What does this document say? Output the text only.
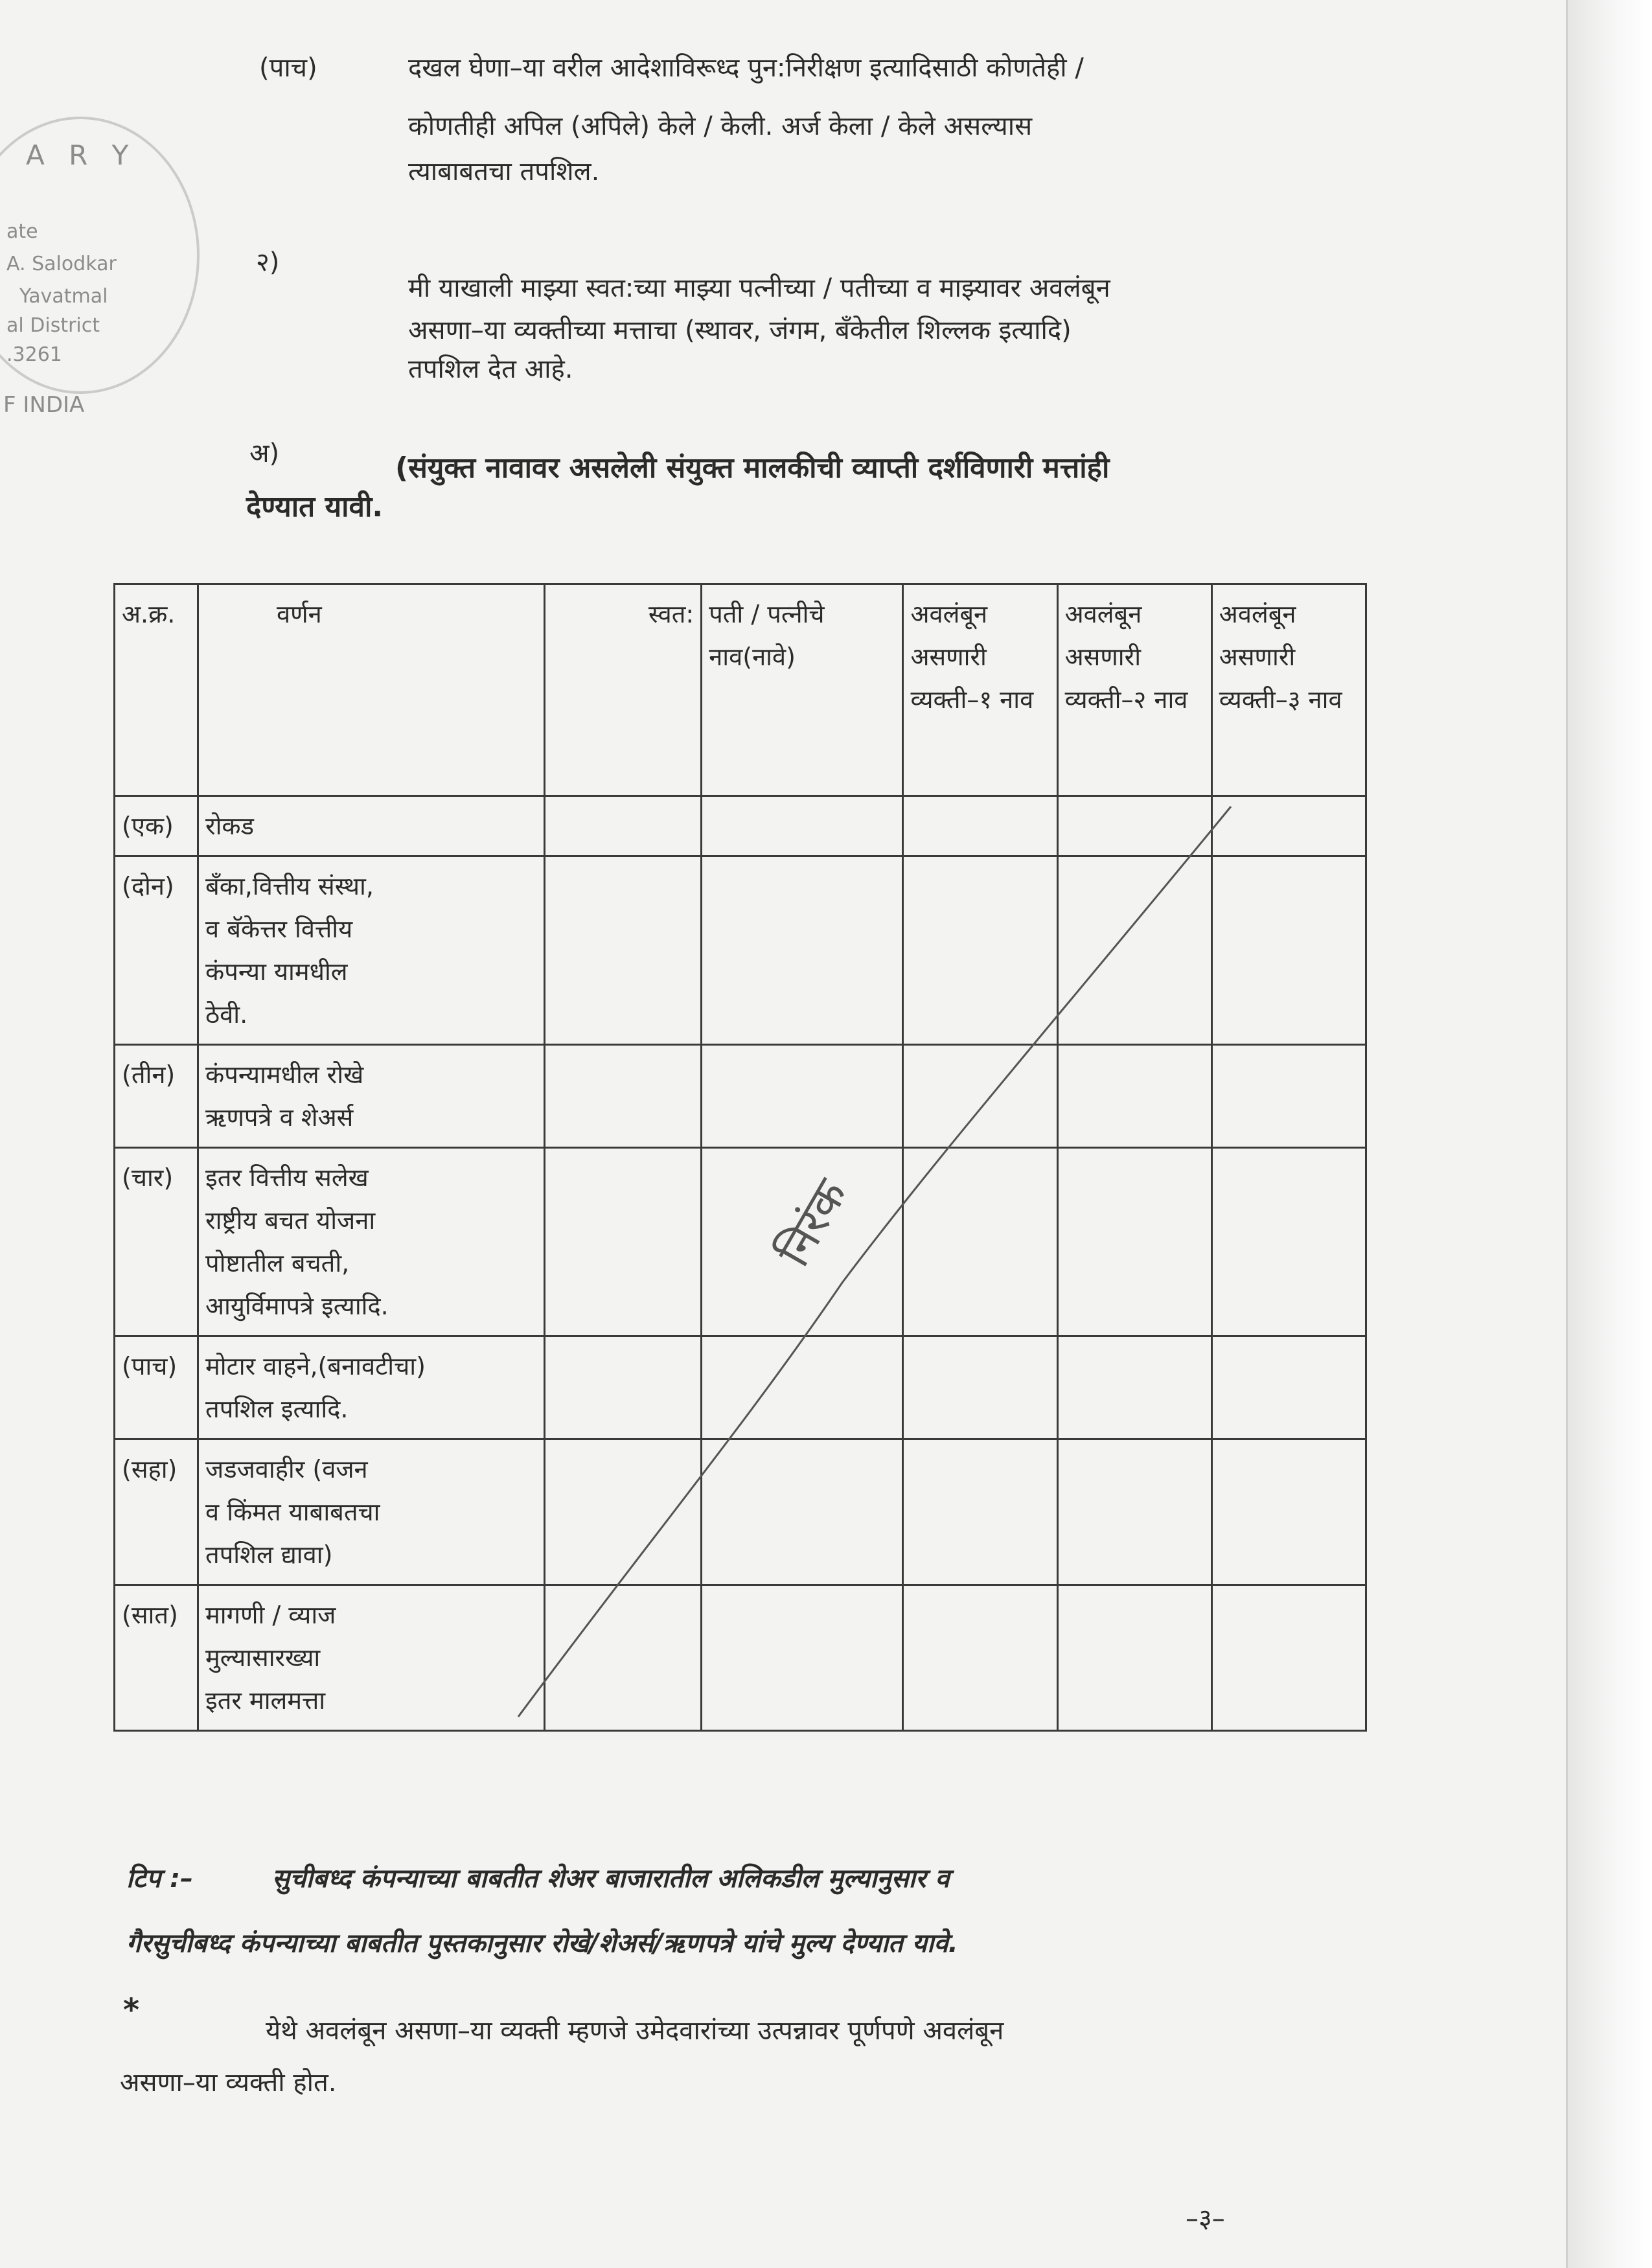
A R Y
ate
A. Salodkar
Yavatmal
al District
.3261
F INDIA
(पाच)	दखल घेणा–या वरील आदेशाविरूध्द पुन:निरीक्षण इत्यादिसाठी कोणतेही /
कोणतीही अपिल (अपिले) केले / केली. अर्ज केला / केले असल्यास
त्याबाबतचा तपशिल.
२)
मी याखाली माझ्या स्वत:च्या माझ्या पत्नीच्या / पतीच्या व माझ्यावर अवलंबून
असणा–या व्यक्तीच्या मत्ताचा (स्थावर, जंगम, बॅंकेतील शिल्लक इत्यादि)
तपशिल देत आहे.
अ)	(संयुक्त नावावर असलेली संयुक्त मालकीची व्याप्ती दर्शविणारी मत्तांही
देण्यात यावी.
अ.क्र.	वर्णन	स्वत:	पती / पत्नीचे नाव(नावे)	अवलंबून असणारी व्यक्ती–१ नाव	अवलंबून असणारी व्यक्ती–२ नाव	अवलंबून असणारी व्यक्ती–३ नाव
(एक)	रोकड					
(दोन)	बॅंका,वित्तीय संस्था,
व बॅकेत्तर वित्तीय
कंपन्या यामधील
ठेवी.					
(तीन)	कंपन्यामधील रोखे
ऋणपत्रे व शेअर्स					
(चार)	इतर वित्तीय सलेख
राष्ट्रीय बचत योजना
पोष्टातील बचती,
आयुर्विमापत्रे इत्यादि.					
(पाच)	मोटार वाहने,(बनावटीचा)
तपशिल इत्यादि.					
(सहा)	जडजवाहीर (वजन
व किंमत याबाबतचा
तपशिल द्यावा)					
(सात)	मागणी / व्याज
मुल्यासारख्या
इतर मालमत्ता					
निरंक
टिप :–	सुचीबध्द कंपन्याच्या बाबतीत शेअर बाजारातील अलिकडील मुल्यानुसार व
गैरसुचीबध्द कंपन्याच्या बाबतीत पुस्तकानुसार रोखे/शेअर्स/ऋणपत्रे यांचे मुल्य देण्यात यावे.
*
येथे अवलंबून असणा–या व्यक्ती म्हणजे उमेदवारांच्या उत्पन्नावर पूर्णपणे अवलंबून
असणा–या व्यक्ती होत.
–३–
